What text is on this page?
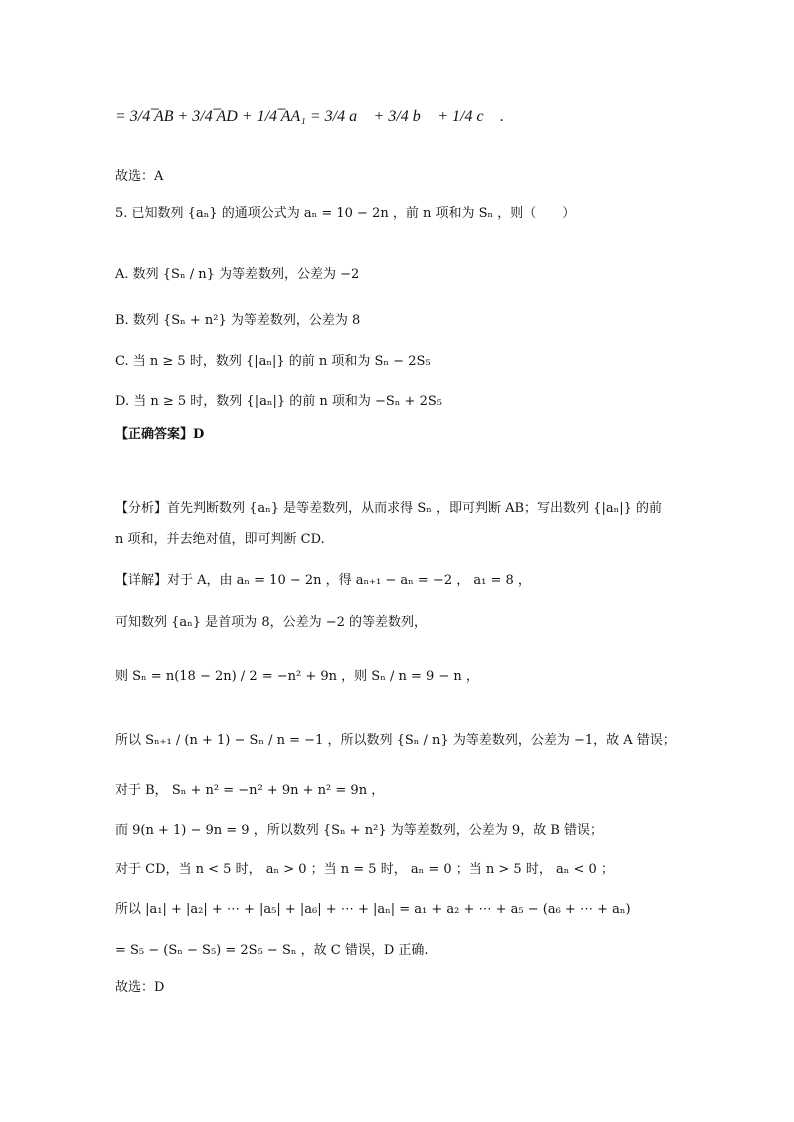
= 3/4 ̅AB + 3/4 ̅AD + 1/4 ̅AA₁ = 3/4 a⃗ + 3/4 b⃗ + 1/4 c⃗ .
故选：A
5. 已知数列 {aₙ} 的通项公式为 aₙ = 10 − 2n ，前 n 项和为 Sₙ ，则（　　）
A. 数列 {Sₙ / n} 为等差数列，公差为 −2
B. 数列 {Sₙ + n²} 为等差数列，公差为 8
C. 当 n ≥ 5 时，数列 {|aₙ|} 的前 n 项和为 Sₙ − 2S₅
D. 当 n ≥ 5 时，数列 {|aₙ|} 的前 n 项和为 −Sₙ + 2S₅
【正确答案】D
【分析】首先判断数列 {aₙ} 是等差数列，从而求得 Sₙ ，即可判断 AB；写出数列 {|aₙ|} 的前
n 项和，并去绝对值，即可判断 CD.
【详解】对于 A，由 aₙ = 10 − 2n ，得 aₙ₊₁ − aₙ = −2 ， a₁ = 8 ，
可知数列 {aₙ} 是首项为 8，公差为 −2 的等差数列，
则 Sₙ = n(18 − 2n) / 2 = −n² + 9n ，则 Sₙ / n = 9 − n ，
所以 Sₙ₊₁ / (n + 1) − Sₙ / n = −1 ，所以数列 {Sₙ / n} 为等差数列，公差为 −1，故 A 错误；
对于 B， Sₙ + n² = −n² + 9n + n² = 9n ，
而 9(n + 1) − 9n = 9 ，所以数列 {Sₙ + n²} 为等差数列，公差为 9，故 B 错误；
对于 CD，当 n < 5 时， aₙ > 0 ；当 n = 5 时， aₙ = 0 ；当 n > 5 时， aₙ < 0 ；
所以 |a₁| + |a₂| + ⋯ + |a₅| + |a₆| + ⋯ + |aₙ| = a₁ + a₂ + ⋯ + a₅ − (a₆ + ⋯ + aₙ)
= S₅ − (Sₙ − S₅) = 2S₅ − Sₙ ，故 C 错误，D 正确.
故选：D
